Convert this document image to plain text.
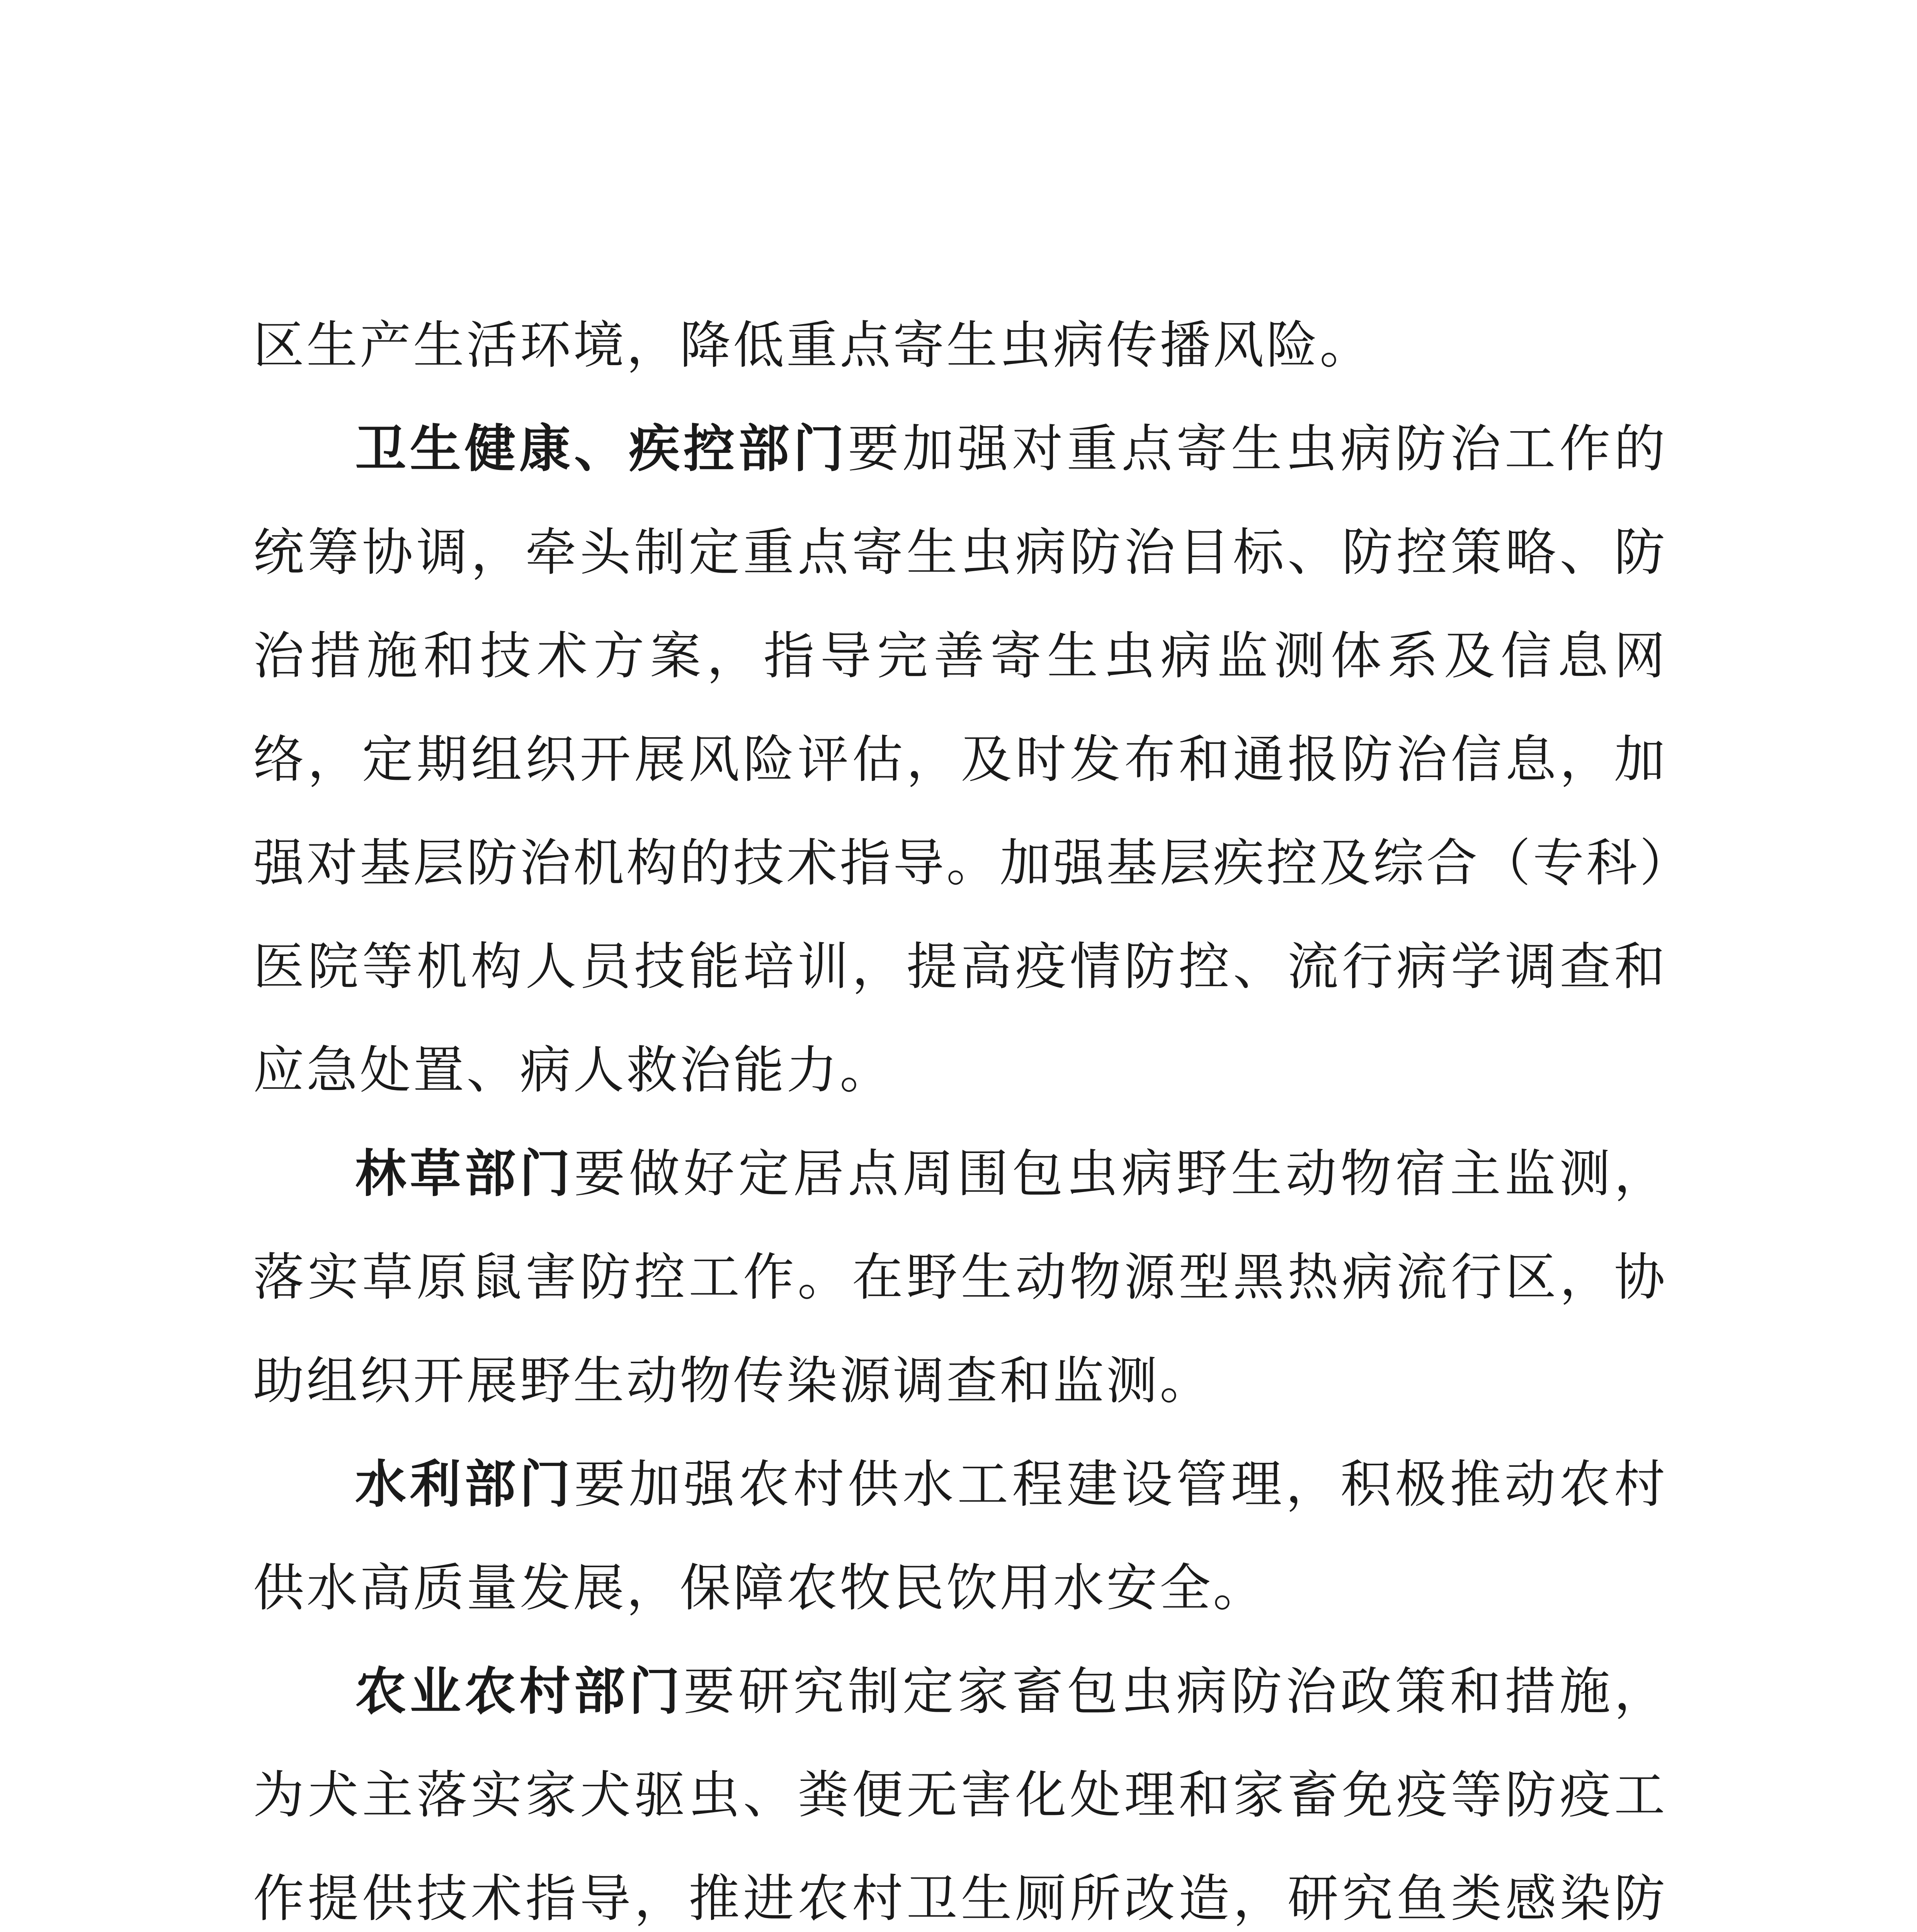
区生产生活环境，降低重点寄生虫病传播风险。

卫生健康、疾控部门要加强对重点寄生虫病防治工作的统筹协调，牵头制定重点寄生虫病防治目标、防控策略、防治措施和技术方案，指导完善寄生虫病监测体系及信息网络，定期组织开展风险评估，及时发布和通报防治信息，加强对基层防治机构的技术指导。加强基层疾控及综合（专科）医院等机构人员技能培训，提高疫情防控、流行病学调查和应急处置、病人救治能力。

林草部门要做好定居点周围包虫病野生动物宿主监测，落实草原鼠害防控工作。在野生动物源型黑热病流行区，协助组织开展野生动物传染源调查和监测。

水利部门要加强农村供水工程建设管理，积极推动农村供水高质量发展，保障农牧民饮用水安全。

农业农村部门要研究制定家畜包虫病防治政策和措施，为犬主落实家犬驱虫、粪便无害化处理和家畜免疫等防疫工作提供技术指导，推进农村卫生厕所改造，研究鱼类感染防
